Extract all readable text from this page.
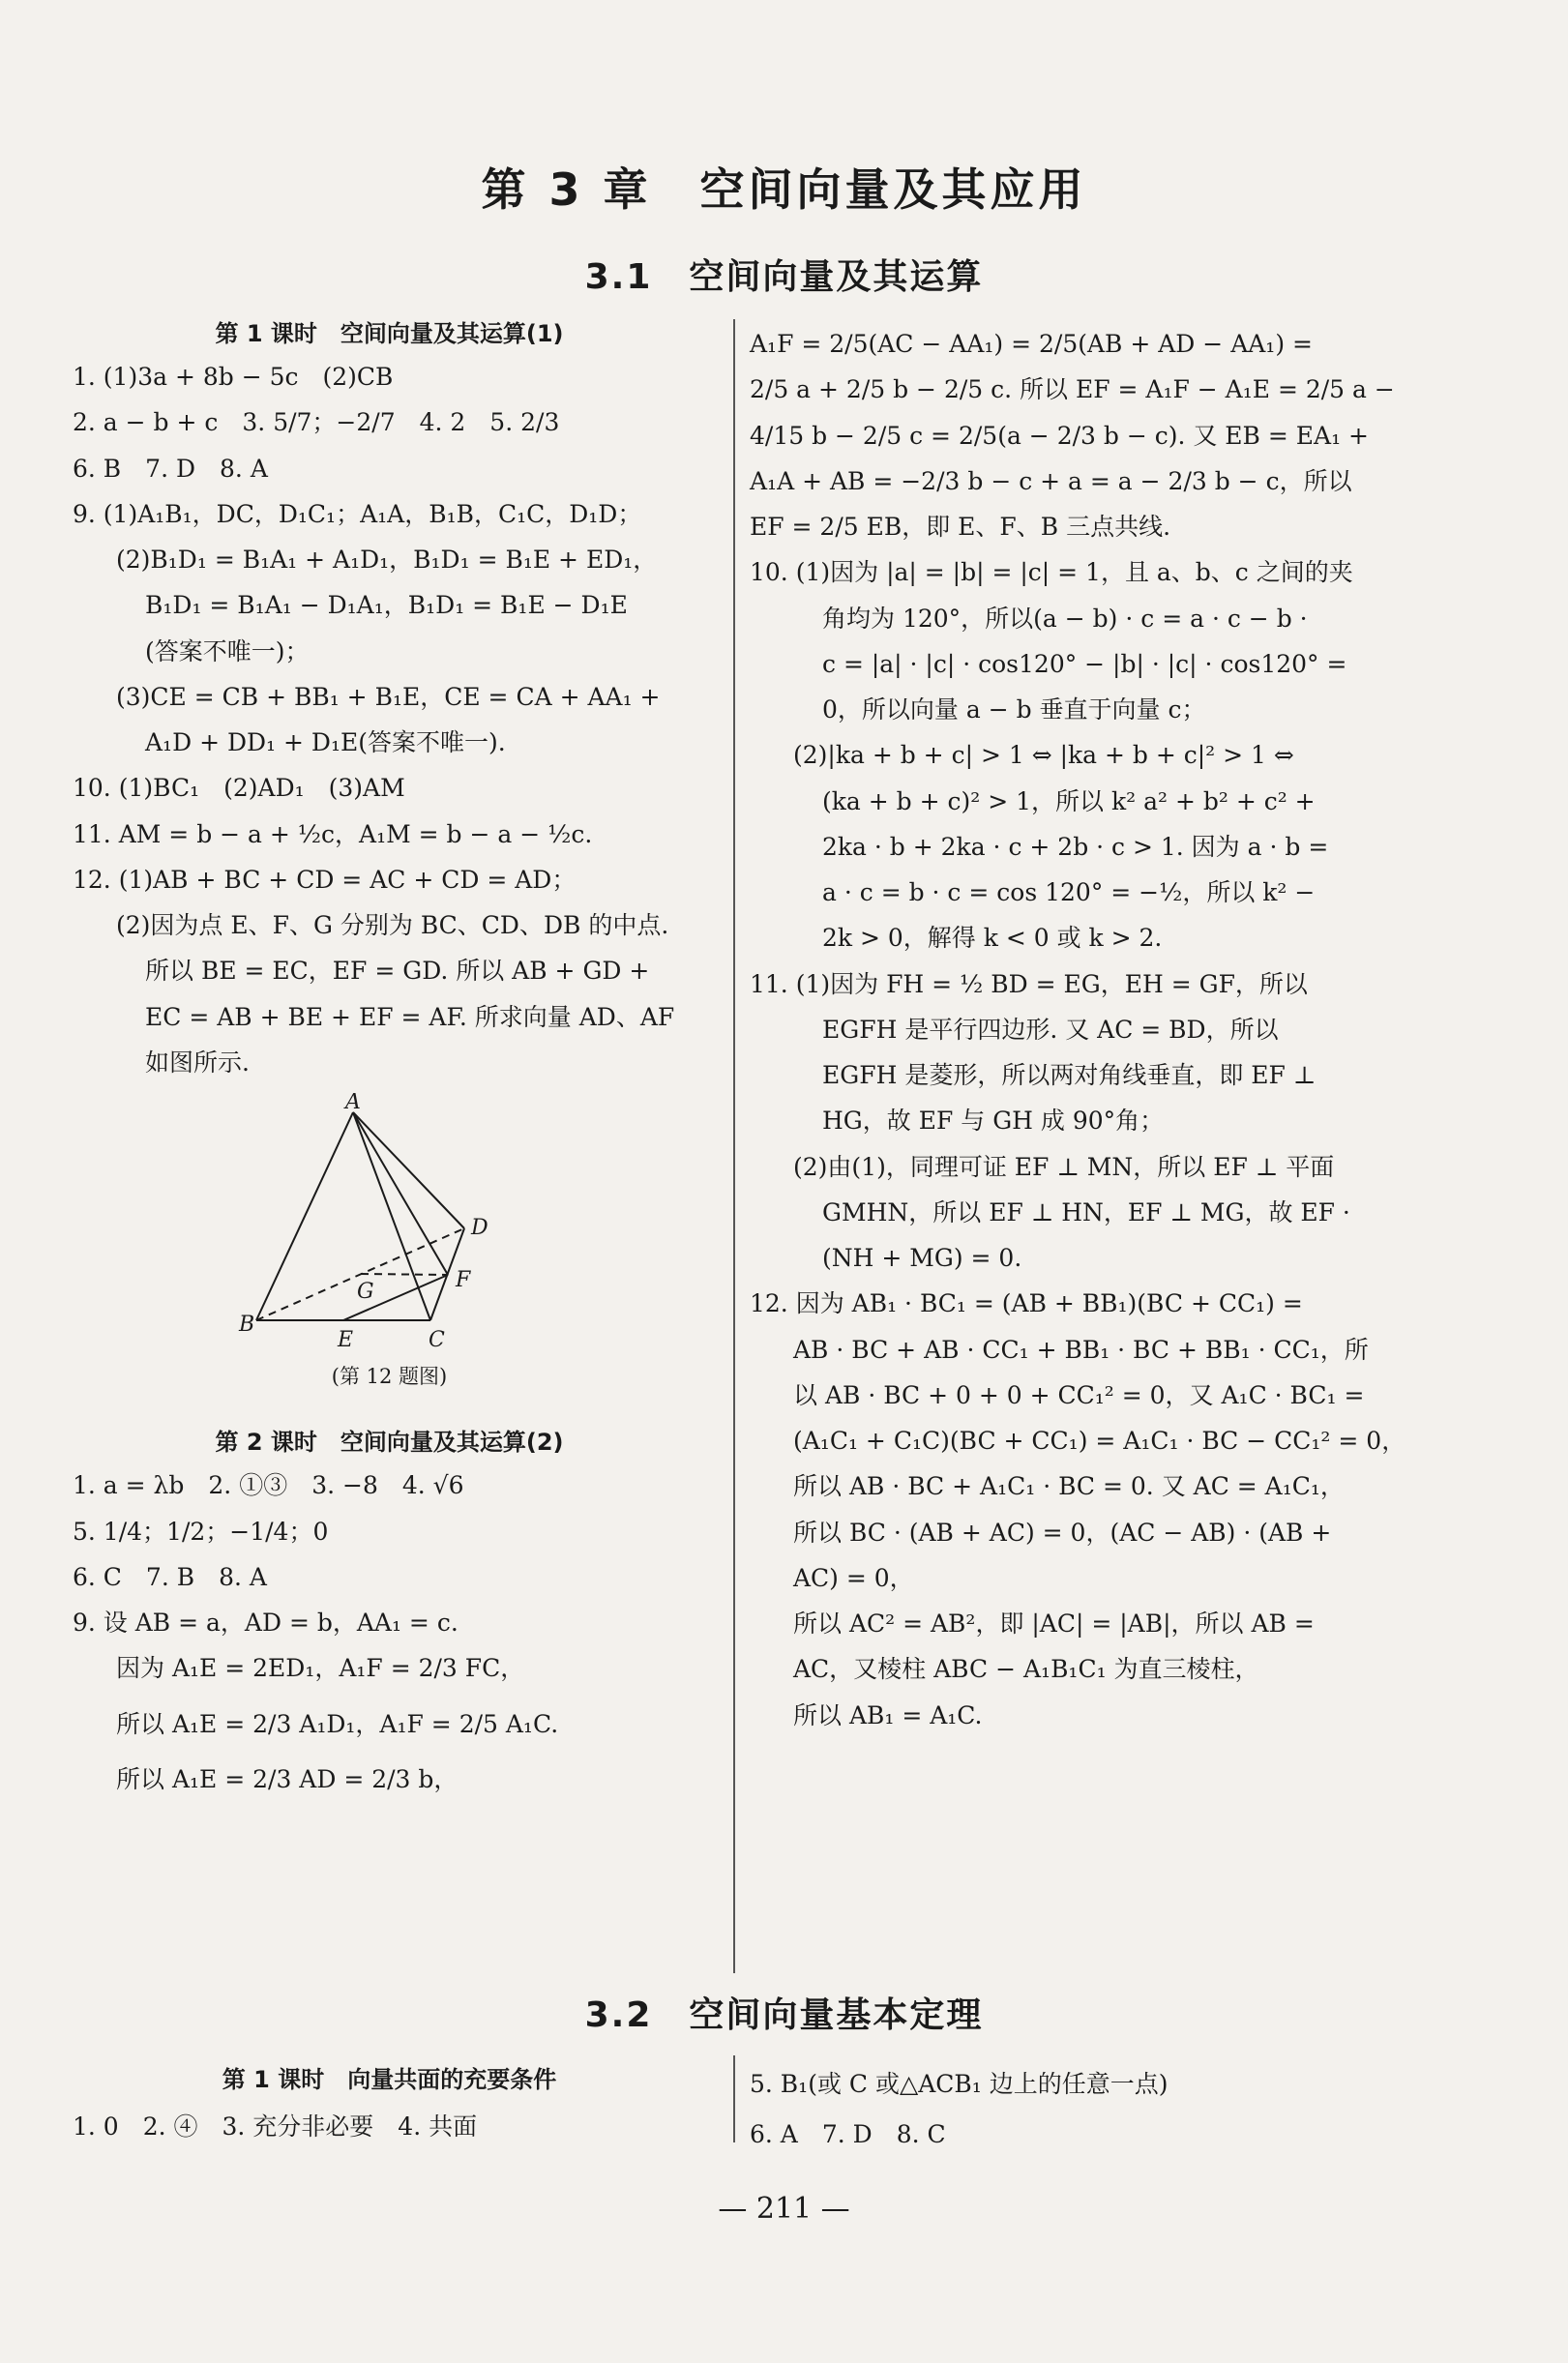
第 3 章　空间向量及其应用
3.1　空间向量及其运算
第 1 课时　空间向量及其运算(1)
1. (1)3a + 8b − 5c　(2)CB
2. a − b + c　3. 5/7；−2/7　4. 2　5. 2/3
6. B　7. D　8. A
9. (1)A₁B₁，DC，D₁C₁；A₁A，B₁B，C₁C，D₁D；
(2)B₁D₁ = B₁A₁ + A₁D₁，B₁D₁ = B₁E + ED₁，
B₁D₁ = B₁A₁ − D₁A₁，B₁D₁ = B₁E − D₁E
(答案不唯一)；
(3)CE = CB + BB₁ + B₁E，CE = CA + AA₁ +
A₁D + DD₁ + D₁E(答案不唯一).
10. (1)BC₁　(2)AD₁　(3)AM
11. AM = b − a + ½c，A₁M = b − a − ½c.
12. (1)AB + BC + CD = AC + CD = AD；
(2)因为点 E、F、G 分别为 BC、CD、DB 的中点.
所以 BE = EC，EF = GD. 所以 AB + GD +
EC = AB + BE + EF = AF. 所求向量 AD、AF
如图所示.
A
B
C
D
E
F
G
(第 12 题图)
第 2 课时　空间向量及其运算(2)
1. a = λb　2. ①③　3. −8　4. √6
5. 1/4；1/2；−1/4；0
6. C　7. B　8. A
9. 设 AB = a，AD = b，AA₁ = c.
因为 A₁E = 2ED₁，A₁F = 2/3 FC，
所以 A₁E = 2/3 A₁D₁，A₁F = 2/5 A₁C.
所以 A₁E = 2/3 AD = 2/3 b，
A₁F = 2/5(AC − AA₁) = 2/5(AB + AD − AA₁) =
2/5 a + 2/5 b − 2/5 c. 所以 EF = A₁F − A₁E = 2/5 a −
4/15 b − 2/5 c = 2/5(a − 2/3 b − c). 又 EB = EA₁ +
A₁A + AB = −2/3 b − c + a = a − 2/3 b − c，所以
EF = 2/5 EB，即 E、F、B 三点共线.
10. (1)因为 |a| = |b| = |c| = 1，且 a、b、c 之间的夹
角均为 120°，所以(a − b) · c = a · c − b ·
c = |a| · |c| · cos120° − |b| · |c| · cos120° =
0，所以向量 a − b 垂直于向量 c；
(2)|ka + b + c| > 1 ⇔ |ka + b + c|² > 1 ⇔
(ka + b + c)² > 1，所以 k² a² + b² + c² +
2ka · b + 2ka · c + 2b · c > 1. 因为 a · b =
a · c = b · c = cos 120° = −½，所以 k² −
2k > 0，解得 k < 0 或 k > 2.
11. (1)因为 FH = ½ BD = EG，EH = GF，所以
EGFH 是平行四边形. 又 AC = BD，所以
EGFH 是菱形，所以两对角线垂直，即 EF ⊥
HG，故 EF 与 GH 成 90°角；
(2)由(1)，同理可证 EF ⊥ MN，所以 EF ⊥ 平面
GMHN，所以 EF ⊥ HN，EF ⊥ MG，故 EF ·
(NH + MG) = 0.
12. 因为 AB₁ · BC₁ = (AB + BB₁)(BC + CC₁) =
AB · BC + AB · CC₁ + BB₁ · BC + BB₁ · CC₁，所
以 AB · BC + 0 + 0 + CC₁² = 0，又 A₁C · BC₁ =
(A₁C₁ + C₁C)(BC + CC₁) = A₁C₁ · BC − CC₁² = 0，
所以 AB · BC + A₁C₁ · BC = 0. 又 AC = A₁C₁，
所以 BC · (AB + AC) = 0，(AC − AB) · (AB +
AC) = 0，
所以 AC² = AB²，即 |AC| = |AB|，所以 AB =
AC，又棱柱 ABC − A₁B₁C₁ 为直三棱柱，
所以 AB₁ = A₁C.
3.2　空间向量基本定理
第 1 课时　向量共面的充要条件
1. 0　2. ④　3. 充分非必要　4. 共面
5. B₁(或 C 或△ACB₁ 边上的任意一点)
6. A　7. D　8. C
— 211 —
